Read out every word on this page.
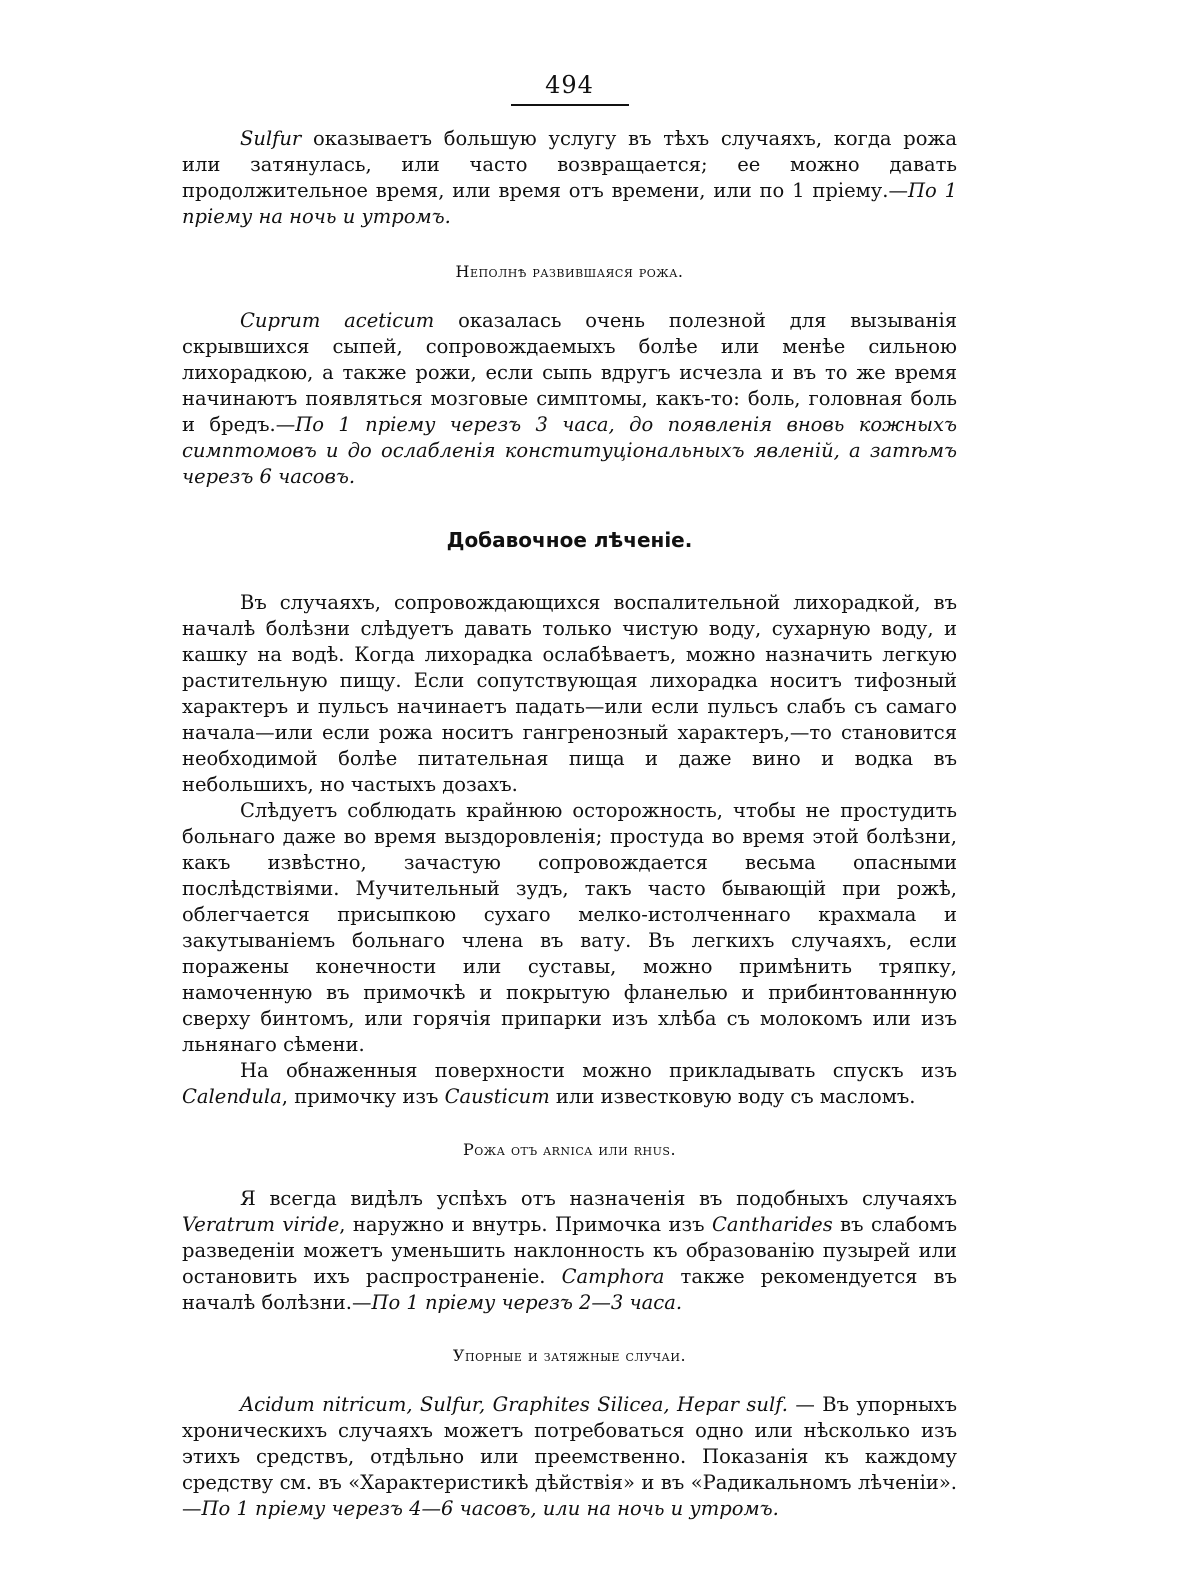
494

Sulfur оказываетъ большую услугу въ тѣхъ случаяхъ, когда рожа или затянулась, или часто возвращается; ее можно давать продолжительное время, или время отъ времени, или по 1 пріему.—По 1 пріему на ночь и утромъ.

Неполнѣ развившаяся рожа.

Cuprum aceticum оказалась очень полезной для вызыванія скрывшихся сыпей, сопровождаемыхъ болѣе или менѣе сильною лихорадкою, а также рожи, если сыпь вдругъ исчезла и въ то же время начинаютъ появляться мозговые симптомы, какъ-то: боль, головная боль и бредъ.—По 1 пріему черезъ 3 часа, до появленія вновь кожныхъ симптомовъ и до ослабленія конституціональныхъ явленій, а затѣмъ черезъ 6 часовъ.

Добавочное лѣченіе.

Въ случаяхъ, сопровождающихся воспалительной лихорадкой, въ началѣ болѣзни слѣдуетъ давать только чистую воду, сухарную воду, и кашку на водѣ. Когда лихорадка ослабѣваетъ, можно назначить легкую растительную пищу. Если сопутствующая лихорадка носитъ тифозный характеръ и пульсъ начинаетъ падать—или если пульсъ слабъ съ самаго начала—или если рожа носитъ гангренозный характеръ,—то становится необходимой болѣе питательная пища и даже вино и водка въ небольшихъ, но частыхъ дозахъ.

Слѣдуетъ соблюдать крайнюю осторожность, чтобы не простудить больнаго даже во время выздоровленія; простуда во время этой болѣзни, какъ извѣстно, зачастую сопровождается весьма опасными послѣдствіями. Мучительный зудъ, такъ часто бывающій при рожѣ, облегчается присыпкою сухаго мелко-истолченнаго крахмала и закутываніемъ больнаго члена въ вату. Въ легкихъ случаяхъ, если поражены конечности или суставы, можно примѣнить тряпку, намоченную въ примочкѣ и покрытую фланелью и прибинтованнную сверху бинтомъ, или горячія припарки изъ хлѣба съ молокомъ или изъ льнянаго сѣмени.

На обнаженныя поверхности можно прикладывать спускъ изъ Calendula, примочку изъ Causticum или известковую воду съ масломъ.

Рожа отъ arnica или rhus.

Я всегда видѣлъ успѣхъ отъ назначенія въ подобныхъ случаяхъ Veratrum viride, наружно и внутрь. Примочка изъ Cantharides въ слабомъ разведеніи можетъ уменьшить наклонность къ образованію пузырей или остановить ихъ распространеніе. Camphora также рекомендуется въ началѣ болѣзни.—По 1 пріему черезъ 2—3 часа.

Упорные и затяжные случаи.

Acidum nitricum, Sulfur, Graphites Silicea, Hepar sulf. — Въ упорныхъ хроническихъ случаяхъ можетъ потребоваться одно или нѣсколько изъ этихъ средствъ, отдѣльно или преемственно. Показанія къ каждому средству см. въ «Характеристикѣ дѣйствія» и въ «Радикальномъ лѣченіи».—По 1 пріему черезъ 4—6 часовъ, или на ночь и утромъ.
